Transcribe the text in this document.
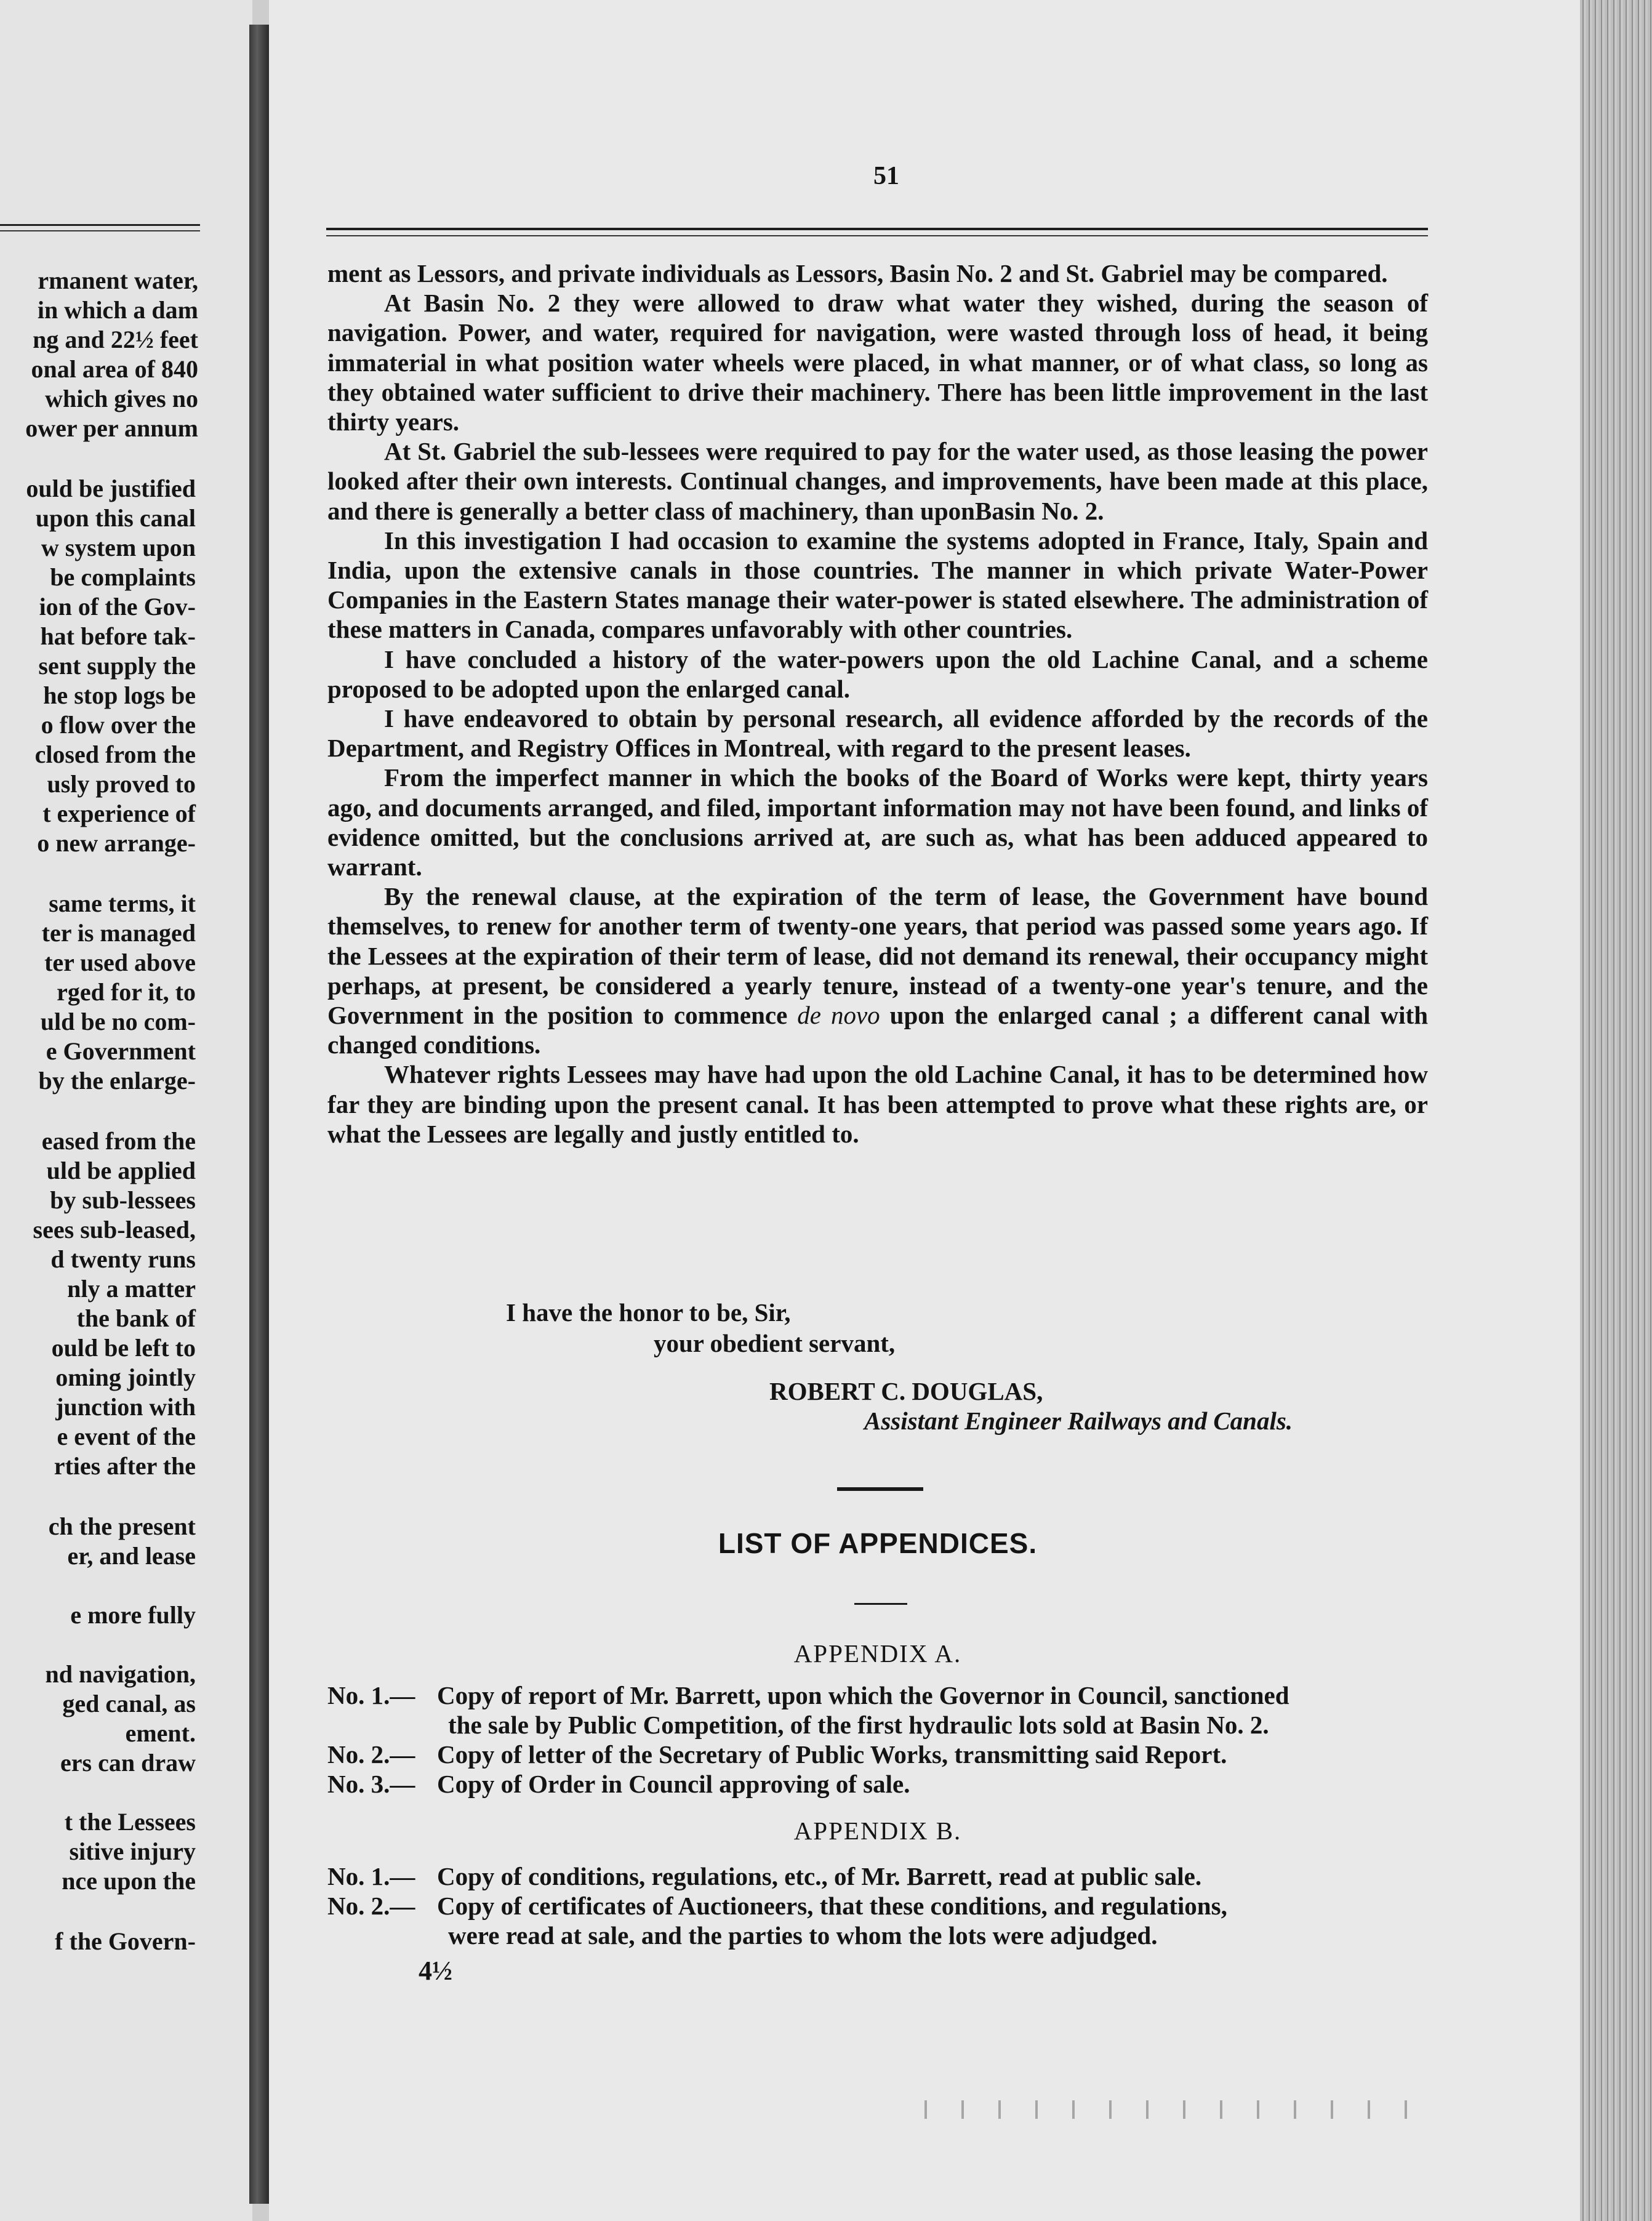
rmanent water,
in which a dam
ng and 22½ feet
onal area of 840
which gives no
ower per annum
ould be justified
upon this canal
w system upon
be complaints
ion of the Gov-
hat before tak-
sent supply the
he stop logs be
o flow over the
closed from the
usly proved to
t experience of
o new arrange-
same terms, it
ter is managed
ter used above
rged for it, to
uld be no com-
e Government
by the enlarge-
eased from the
uld be applied
by sub-lessees
sees sub-leased,
d twenty runs
nly a matter
the bank of
ould be left to
oming jointly
junction with
e event of the
rties after the
ch the present
er, and lease
e more fully
nd navigation,
ged canal, as
ement.
ers can draw
t the Lessees
sitive injury
nce upon the
f the Govern-
51

ment as Lessors, and private individuals as Lessors, Basin No. 2 and St. Gabriel may be compared.

At Basin No. 2 they were allowed to draw what water they wished, during the season of navigation. Power, and water, required for navigation, were wasted through loss of head, it being immaterial in what position water wheels were placed, in what manner, or of what class, so long as they obtained water sufficient to drive their machinery. There has been little improvement in the last thirty years.

At St. Gabriel the sub-lessees were required to pay for the water used, as those leasing the power looked after their own interests. Continual changes, and improvements, have been made at this place, and there is generally a better class of machinery, than uponBasin No. 2.

In this investigation I had occasion to examine the systems adopted in France, Italy, Spain and India, upon the extensive canals in those countries. The manner in which private Water-Power Companies in the Eastern States manage their water-power is stated elsewhere. The administration of these matters in Canada, compares unfavorably with other countries.

I have concluded a history of the water-powers upon the old Lachine Canal, and a scheme proposed to be adopted upon the enlarged canal.

I have endeavored to obtain by personal research, all evidence afforded by the records of the Department, and Registry Offices in Montreal, with regard to the present leases.

From the imperfect manner in which the books of the Board of Works were kept, thirty years ago, and documents arranged, and filed, important information may not have been found, and links of evidence omitted, but the conclusions arrived at, are such as, what has been adduced appeared to warrant.

By the renewal clause, at the expiration of the term of lease, the Government have bound themselves, to renew for another term of twenty-one years, that period was passed some years ago. If the Lessees at the expiration of their term of lease, did not demand its renewal, their occupancy might perhaps, at present, be considered a yearly tenure, instead of a twenty-one year's tenure, and the Government in the position to commence de novo upon the enlarged canal ; a different canal with changed conditions.

Whatever rights Lessees may have had upon the old Lachine Canal, it has to be determined how far they are binding upon the present canal. It has been attempted to prove what these rights are, or what the Lessees are legally and justly entitled to.

I have the honor to be, Sir,
your obedient servant,
ROBERT C. DOUGLAS,
Assistant Engineer Railways and Canals.
LIST OF APPENDICES.
APPENDIX A.
No. 1.— Copy of report of Mr. Barrett, upon which the Governor in Council, sanctioned
the sale by Public Competition, of the first hydraulic lots sold at Basin No. 2.
No. 2.— Copy of letter of the Secretary of Public Works, transmitting said Report.
No. 3.— Copy of Order in Council approving of sale.
APPENDIX B.
No. 1.— Copy of conditions, regulations, etc., of Mr. Barrett, read at public sale.
No. 2.— Copy of certificates of Auctioneers, that these conditions, and regulations,
were read at sale, and the parties to whom the lots were adjudged.
4½
